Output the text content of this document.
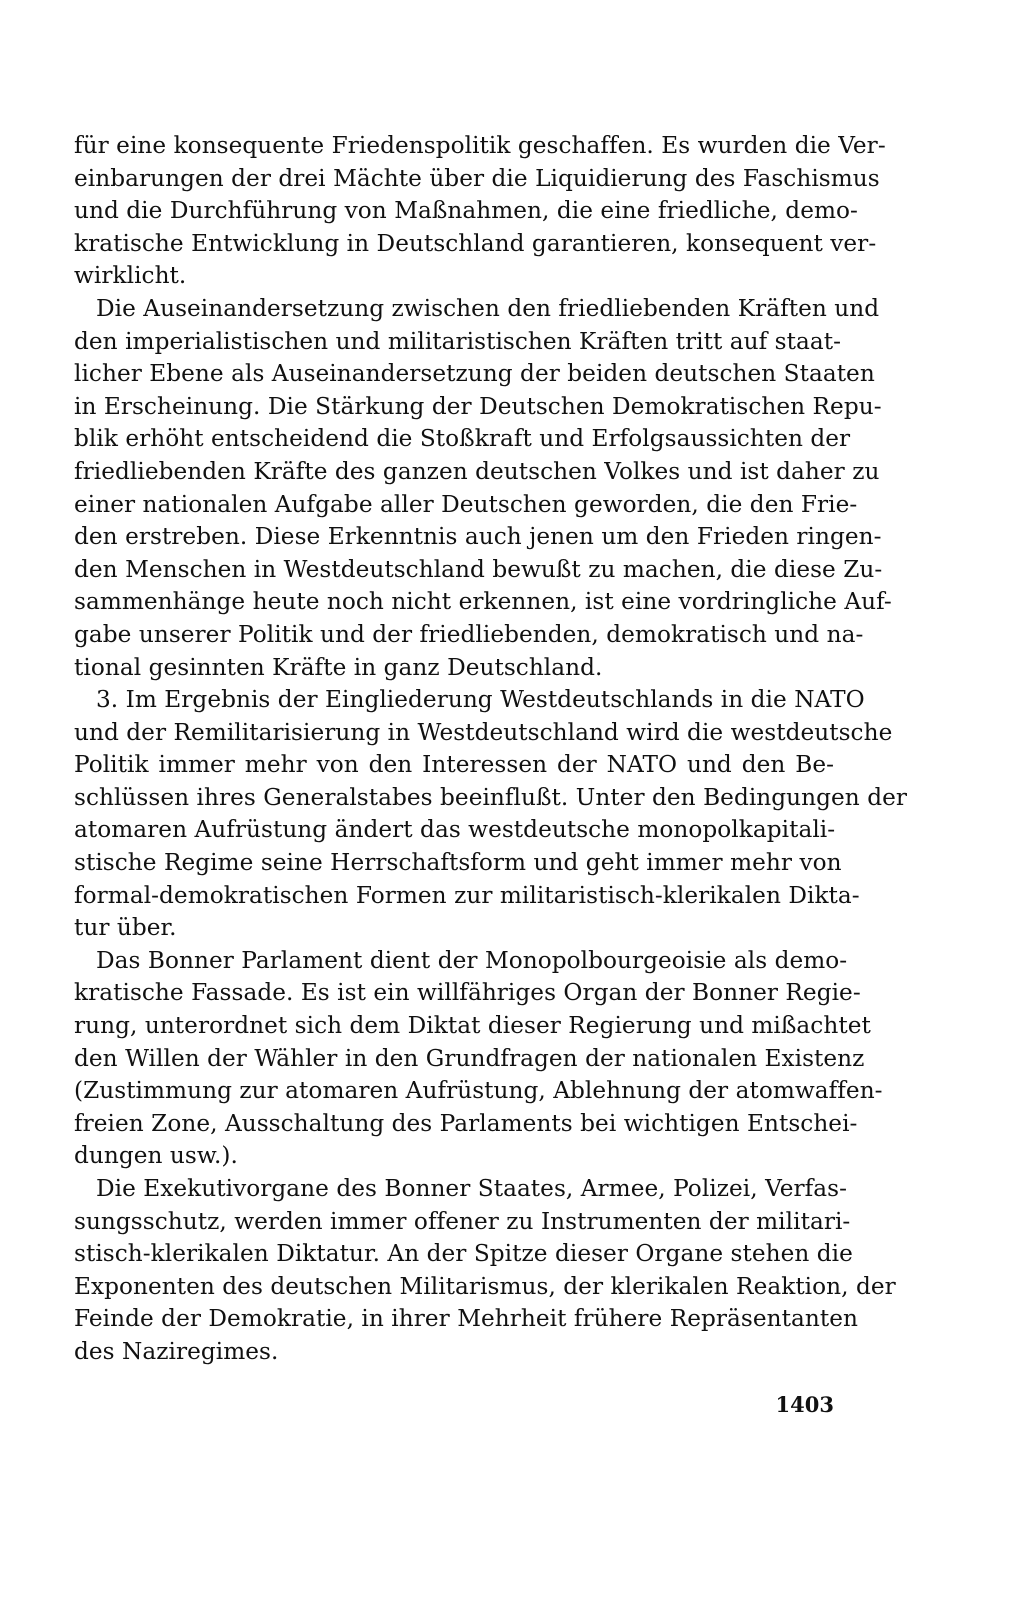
für eine konsequente Friedenspolitik geschaffen. Es wurden die Ver-
einbarungen der drei Mächte über die Liquidierung des Faschismus
und die Durchführung von Maßnahmen, die eine friedliche, demo-
kratische Entwicklung in Deutschland garantieren, konsequent ver-
wirklicht.
Die Auseinandersetzung zwischen den friedliebenden Kräften und
den imperialistischen und militaristischen Kräften tritt auf staat-
licher Ebene als Auseinandersetzung der beiden deutschen Staaten
in Erscheinung. Die Stärkung der Deutschen Demokratischen Repu-
blik erhöht entscheidend die Stoßkraft und Erfolgsaussichten der
friedliebenden Kräfte des ganzen deutschen Volkes und ist daher zu
einer nationalen Aufgabe aller Deutschen geworden, die den Frie-
den erstreben. Diese Erkenntnis auch jenen um den Frieden ringen-
den Menschen in Westdeutschland bewußt zu machen, die diese Zu-
sammenhänge heute noch nicht erkennen, ist eine vordringliche Auf-
gabe unserer Politik und der friedliebenden, demokratisch und na-
tional gesinnten Kräfte in ganz Deutschland.
3. Im Ergebnis der Eingliederung Westdeutschlands in die NATO
und der Remilitarisierung in Westdeutschland wird die westdeutsche
Politik immer mehr von den Interessen der NATO und den Be-
schlüssen ihres Generalstabes beeinflußt. Unter den Bedingungen der
atomaren Aufrüstung ändert das westdeutsche monopolkapitali-
stische Regime seine Herrschaftsform und geht immer mehr von
formal-demokratischen Formen zur militaristisch-klerikalen Dikta-
tur über.
Das Bonner Parlament dient der Monopolbourgeoisie als demo-
kratische Fassade. Es ist ein willfähriges Organ der Bonner Regie-
rung, unterordnet sich dem Diktat dieser Regierung und mißachtet
den Willen der Wähler in den Grundfragen der nationalen Existenz
(Zustimmung zur atomaren Aufrüstung, Ablehnung der atomwaffen-
freien Zone, Ausschaltung des Parlaments bei wichtigen Entschei-
dungen usw.).
Die Exekutivorgane des Bonner Staates, Armee, Polizei, Verfas-
sungsschutz, werden immer offener zu Instrumenten der militari-
stisch-klerikalen Diktatur. An der Spitze dieser Organe stehen die
Exponenten des deutschen Militarismus, der klerikalen Reaktion, der
Feinde der Demokratie, in ihrer Mehrheit frühere Repräsentanten
des Naziregimes.
1403
